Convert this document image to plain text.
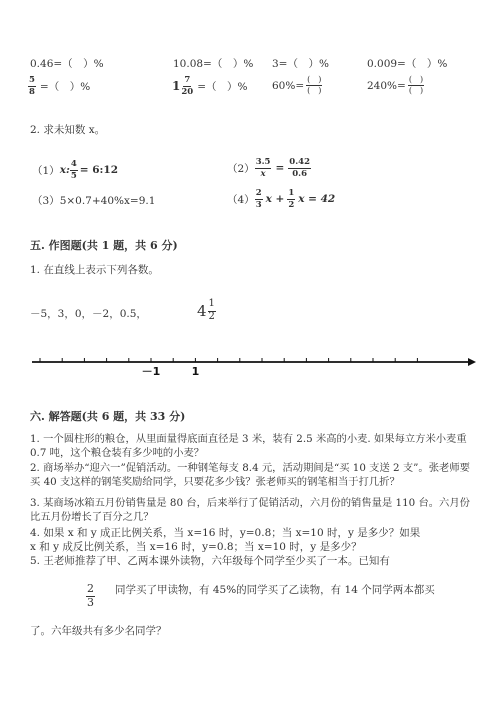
0.46=（　）%	10.08=（　）% 3=（　）%	0.009=（　）%
$\frac{5}{8}$ =（　）%	$1 \frac{7}{20}$ =（　）% $60\%= \frac{( )}{( )}$	$240\%= \frac{( )}{( )}$
2. 求未知数 x。
（1） x: $\frac{4}{5}$ = 6:12	$(2) \frac{3.5}{x} = \frac{0.42}{0.6}$
（3）5×0.7+40%x=9.1	$(4) \frac{2}{3}$ $x + \frac{1}{2}$ x = 42
五. 作图题(共 1 题，共 6 分)
1. 在直线上表示下列各数。
－5，3，0，－2，0.5，	$4 \frac{1}{2}$
－1	1
六. 解答题(共 6 题，共 33 分)
1. 一个圆柱形的粮仓，从里面量得底面直径是 3 米，装有 2.5 米高的小麦. 如果每立方米小麦重 0.7 吨，这个粮仓装有多少吨的小麦？
2. 商场举办“迎六一”促销活动。一种钢笔每支 8.4 元，活动期间是“买 10 支送 2 支”。张老师要买 40 支这样的钢笔奖励给同学，只要花多少钱？张老师买的钢笔相当于打几折？
3. 某商场冰箱五月份销售量是 80 台，后来举行了促销活动，六月份的销售量是 110 台。六月份比五月份增长了百分之几？
4. 如果 x 和 y 成正比例关系，当 x=16 时，y=0.8；当 x=10 时，y 是多少？如果
x 和 y 成反比例关系，当 x=16 时，y=0.8；当 x=10 时，y 是多少？
5. 王老师推荐了甲、乙两本课外读物，六年级每个同学至少买了一本。已知有
$\frac{2}{3}$ 同学买了甲读物，有 45%的同学买了乙读物，有 14 个同学两本都买
了。六年级共有多少名同学？
